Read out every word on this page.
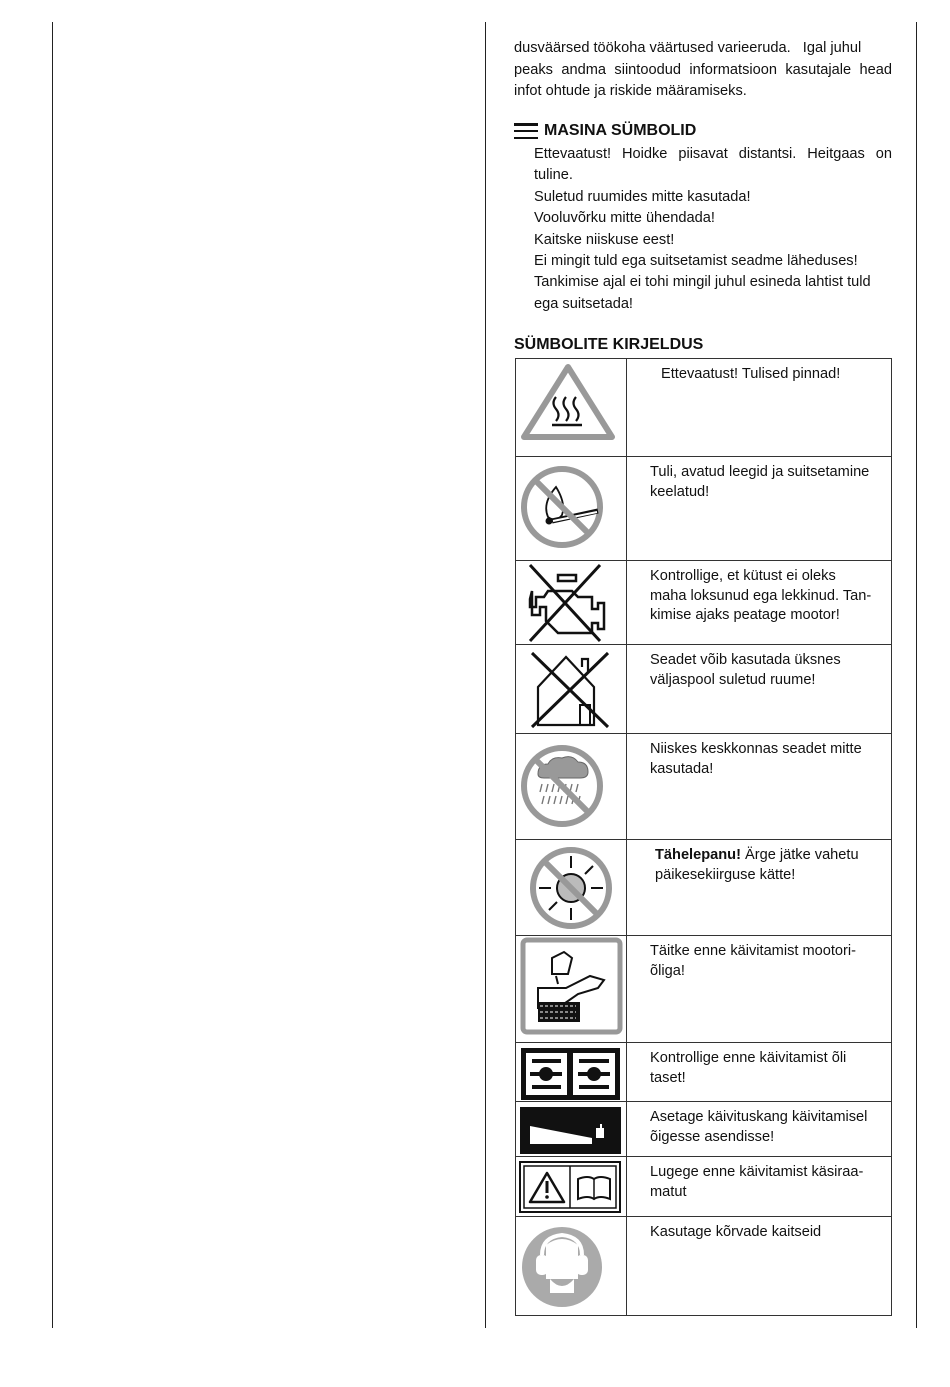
dusväärsed töökoha väärtused varieeruda.   Igal juhul
peaks andma siintoodud informatsioon kasutajale head
infot ohtude ja riskide määramiseks.
MASINA SÜMBOLID
Ettevaatust! Hoidke piisavat distantsi. Heitgaas on
tuline.
Suletud ruumides mitte kasutada!
Vooluvõrku mitte ühendada!
Kaitske niiskuse eest!
Ei mingit tuld ega suitsetamist seadme läheduses!
Tankimise ajal ei tohi mingil juhul esineda lahtist tuld
ega suitsetada!
SÜMBOLITE KIRJELDUS
	Ettevaatust! Tulised pinnad!

	Tuli, avatud leegid ja suitsetamine keelatud!

Kontrollige, et kütust ei oleks
maha loksunud ega lekkinud. Tan-
kimise ajaks peatage mootor!

	Seadet võib kasutada üksnes väljaspool suletud ruume!

	Niiskes keskkonnas seadet mitte kasutada!

	Tähelepanu! Ärge jätke vahetu päikesekiirguse kätte!

Täitke enne käivitamist mootori-
õliga!

	Kontrollige enne käivitamist õli taset!

	Asetage käivituskang käivitamisel õigesse asendisse!

Lugege enne käivitamist käsiraa-
matut

	Kasutage kõrvade kaitseid
